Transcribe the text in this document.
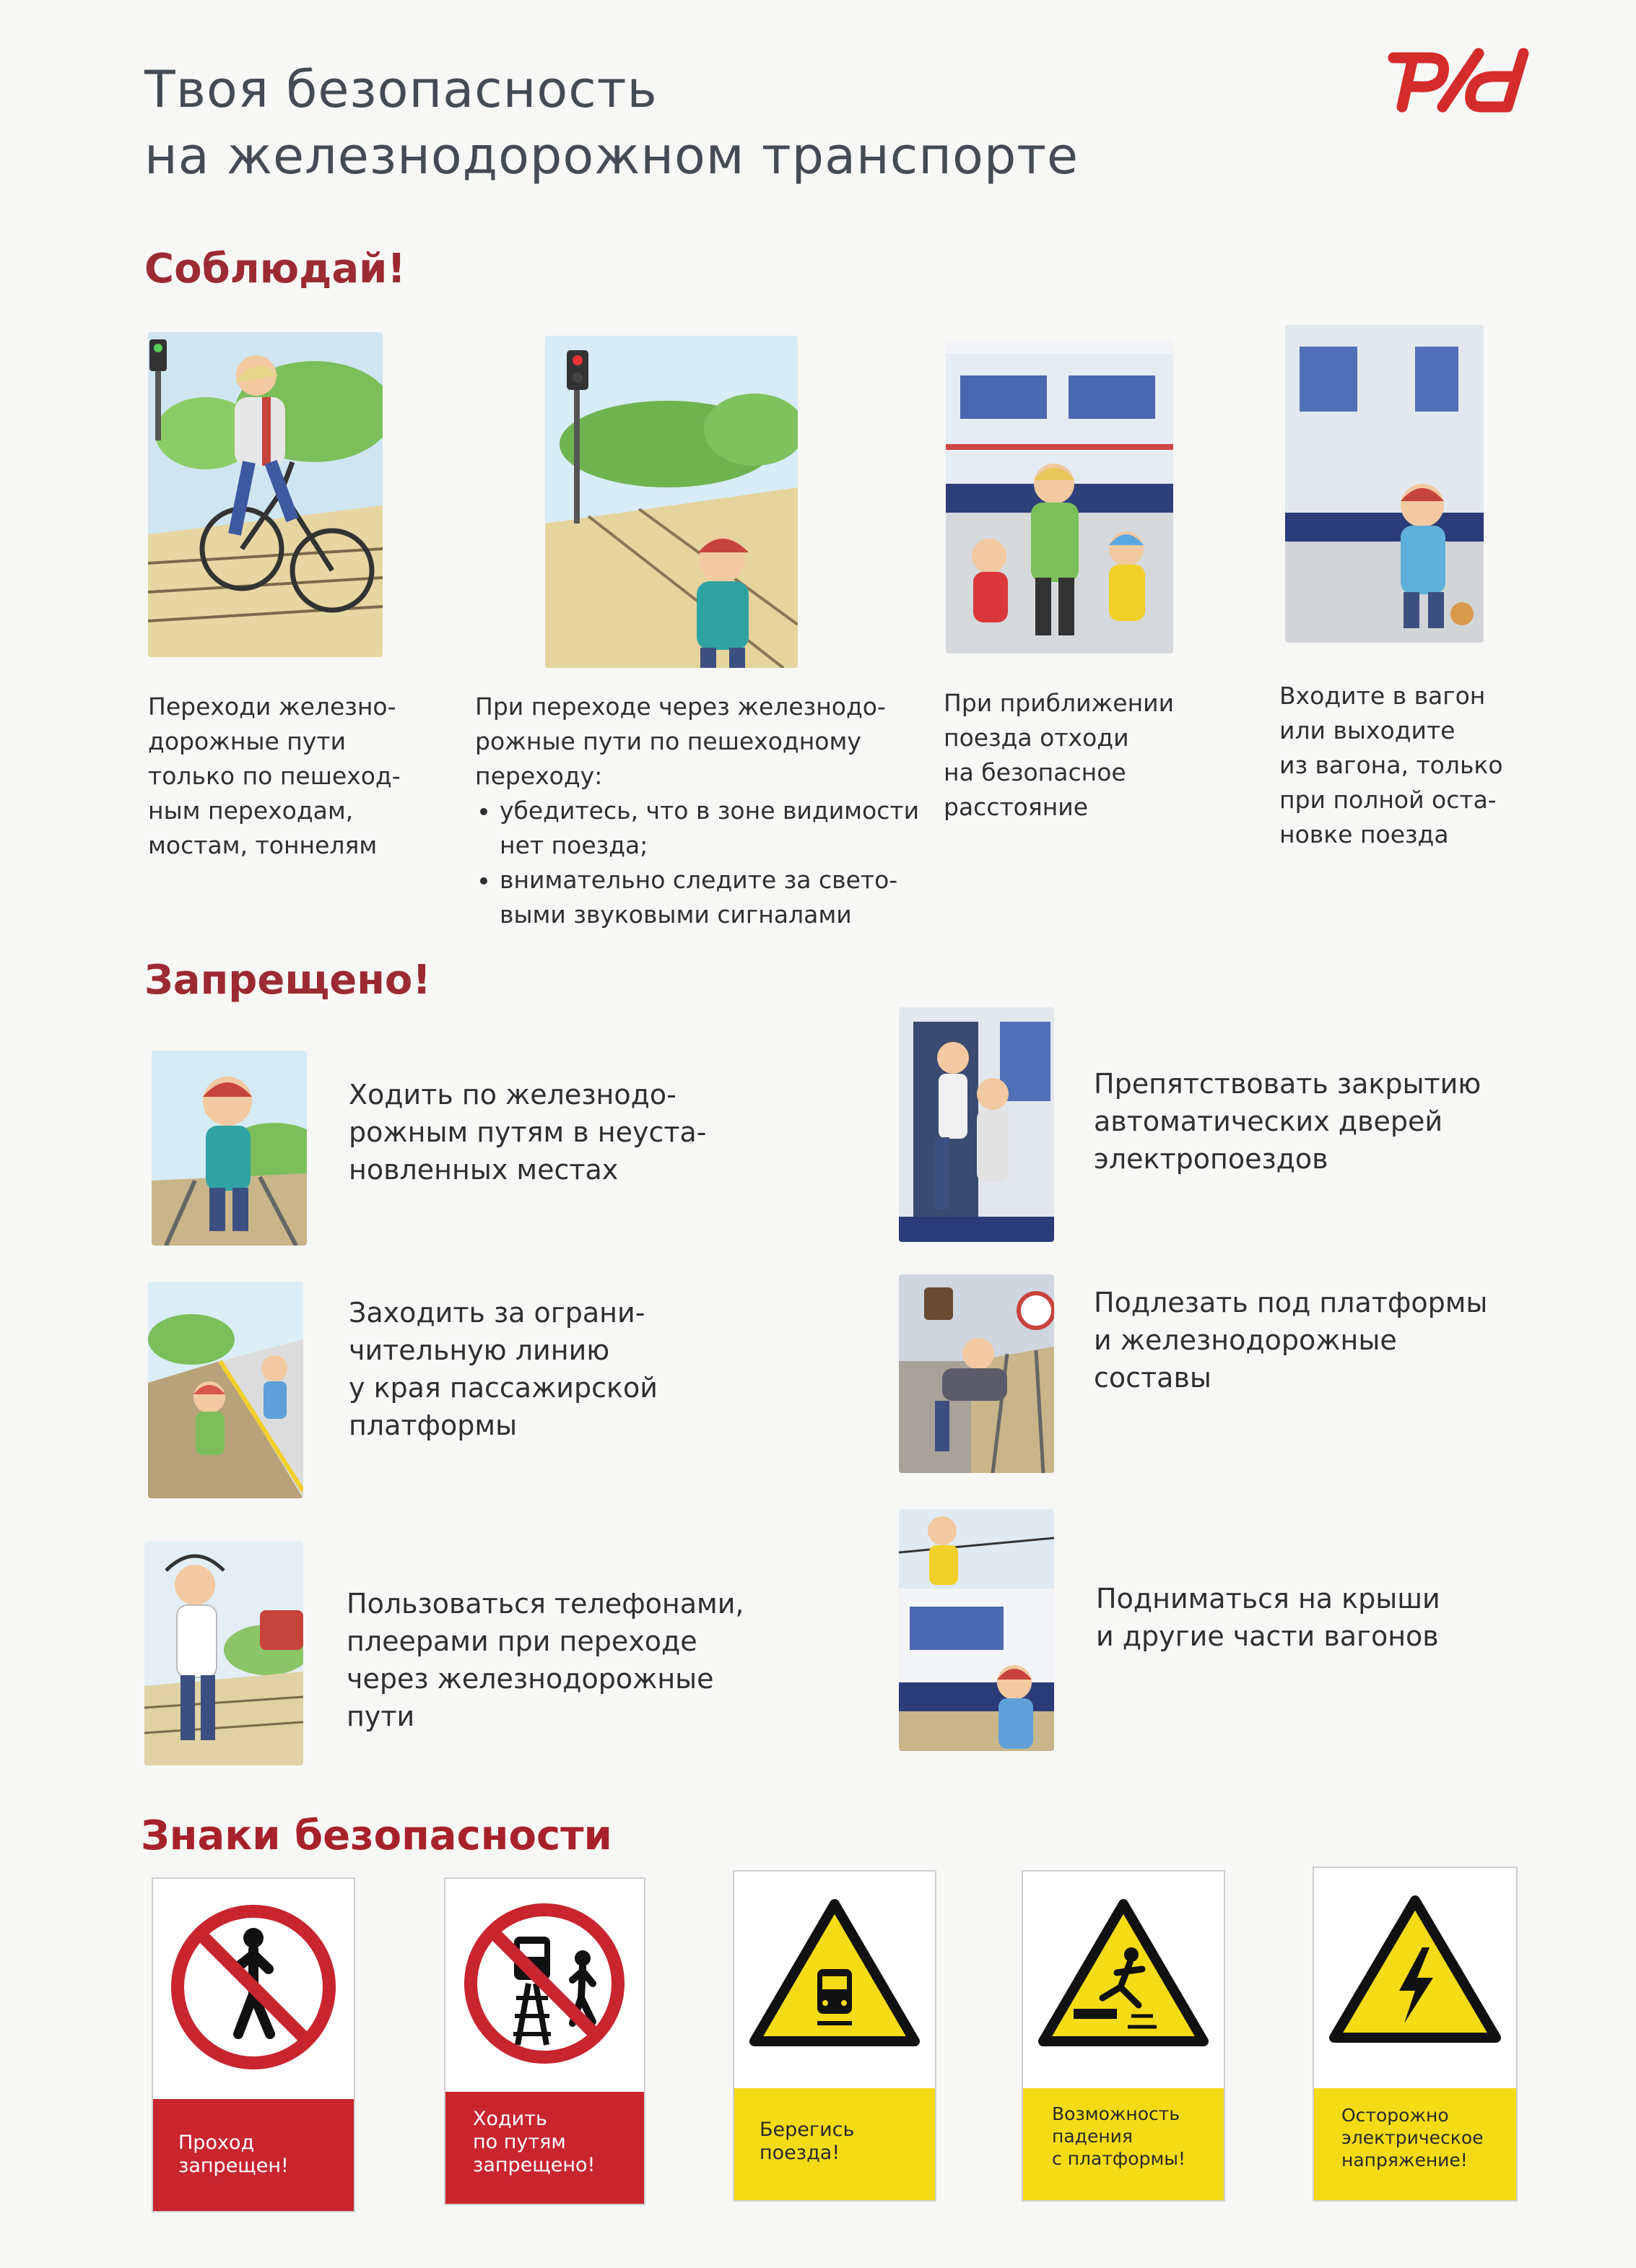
Твоя безопасность
на железнодорожном транспорте
Соблюдай!
Переходи железно-
дорожные пути
только по пешеход-
ным переходам,
мостам, тоннелям
При переходе через железнодо-
рожные пути по пешеходному
переходу:
• убедитесь, что в зоне видимости нет поезда;
• внимательно следите за свето- выми звуковыми сигналами
При приближении
поезда отходи
на безопасное
расстояние
Входите в вагон
или выходите
из вагона, только
при полной оста-
новке поезда
Запрещено!
Ходить по железнодо-
рожным путям в неуста-
новленных местах
Заходить за ограни-
чительную линию
у края пассажирской
платформы
Пользоваться телефонами,
плеерами при переходе
через железнодорожные
пути
Препятствовать закрытию
автоматических дверей
электропоездов
Подлезать под платформы
и железнодорожные
составы
Подниматься на крыши
и другие части вагонов
Знаки безопасности
Проход
запрещен!
Ходить
по путям
запрещено!
Берегись
поезда!
Возможность
падения
с платформы!
Осторожно
электрическое
напряжение!
